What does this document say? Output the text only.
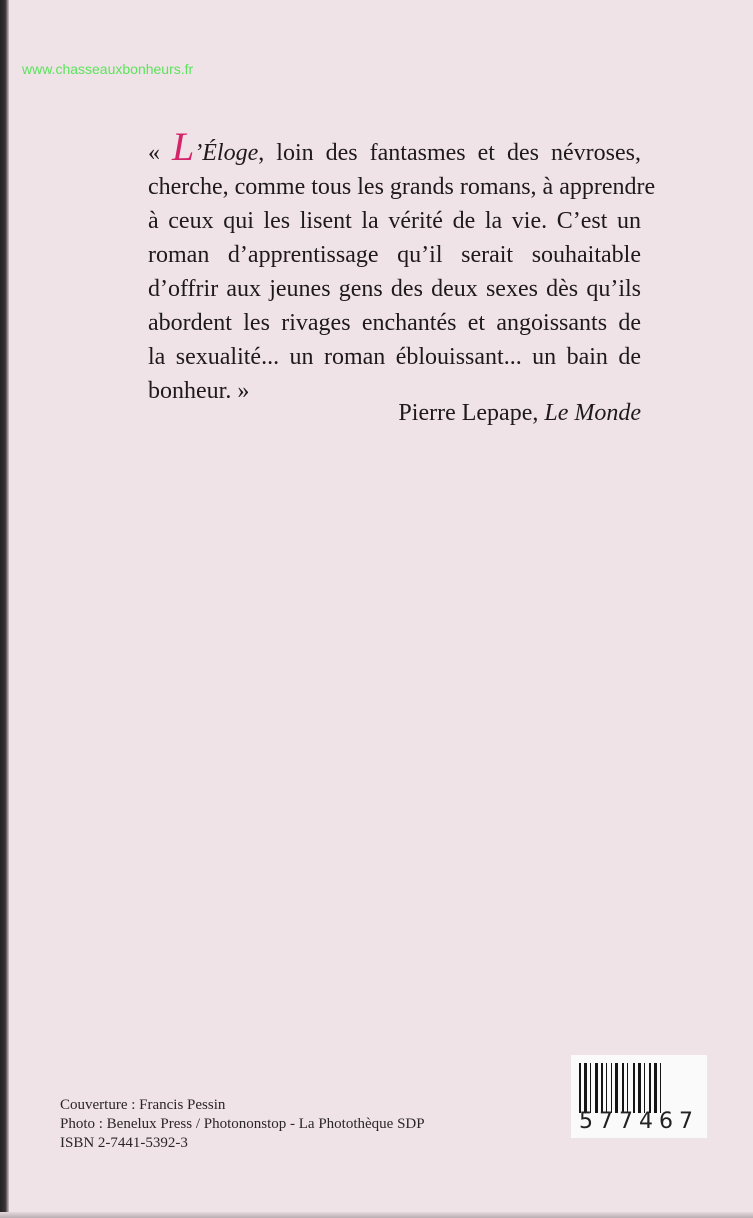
www.chasseauxbonheurs.fr
« L’Éloge, loin des fantasmes et des névroses,
cherche, comme tous les grands romans, à apprendre
à ceux qui les lisent la vérité de la vie. C’est un
roman d’apprentissage qu’il serait souhaitable
d’offrir aux jeunes gens des deux sexes dès qu’ils
abordent les rivages enchantés et angoissants de
la sexualité... un roman éblouissant... un bain de
bonheur. »
Pierre Lepape, Le Monde
Couverture : Francis Pessin
Photo : Benelux Press / Photononstop - La Photothèque SDP
ISBN 2-7441-5392-3
577467
